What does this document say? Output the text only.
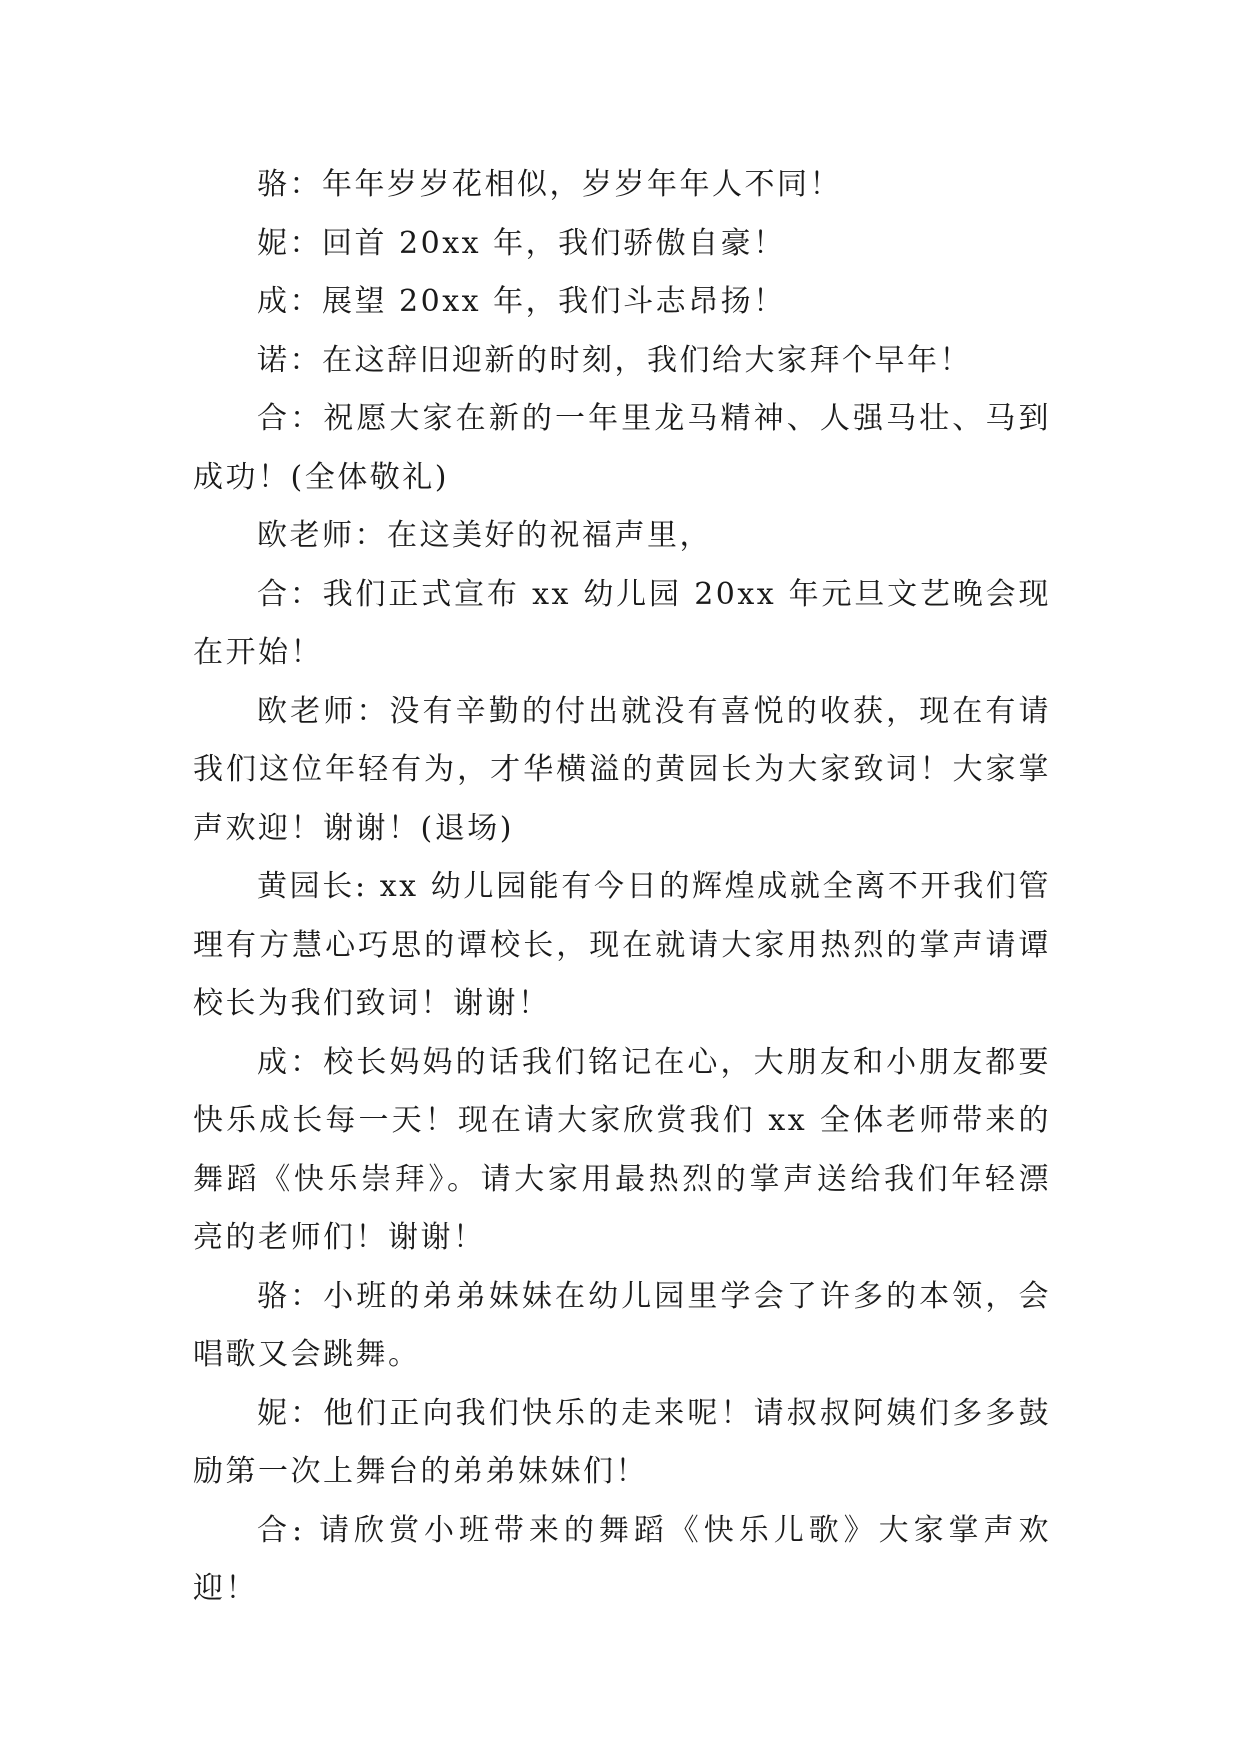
骆：年年岁岁花相似，岁岁年年人不同！

妮：回首 20xx 年，我们骄傲自豪！

成：展望 20xx 年，我们斗志昂扬！

诺：在这辞旧迎新的时刻，我们给大家拜个早年！

合：祝愿大家在新的一年里龙马精神、人强马壮、马到成功！(全体敬礼)

欧老师：在这美好的祝福声里，

合：我们正式宣布 xx 幼儿园 20xx 年元旦文艺晚会现在开始！

欧老师：没有辛勤的付出就没有喜悦的收获，现在有请我们这位年轻有为，才华横溢的黄园长为大家致词！大家掌声欢迎！谢谢！(退场)

黄园长: xx 幼儿园能有今日的辉煌成就全离不开我们管理有方慧心巧思的谭校长，现在就请大家用热烈的掌声请谭校长为我们致词！谢谢！

成：校长妈妈的话我们铭记在心，大朋友和小朋友都要快乐成长每一天！现在请大家欣赏我们 xx 全体老师带来的舞蹈《快乐崇拜》。请大家用最热烈的掌声送给我们年轻漂亮的老师们！谢谢！

骆：小班的弟弟妹妹在幼儿园里学会了许多的本领，会唱歌又会跳舞。

妮：他们正向我们快乐的走来呢！请叔叔阿姨们多多鼓励第一次上舞台的弟弟妹妹们！

合: 请欣赏小班带来的舞蹈《快乐儿歌》大家掌声欢迎！
